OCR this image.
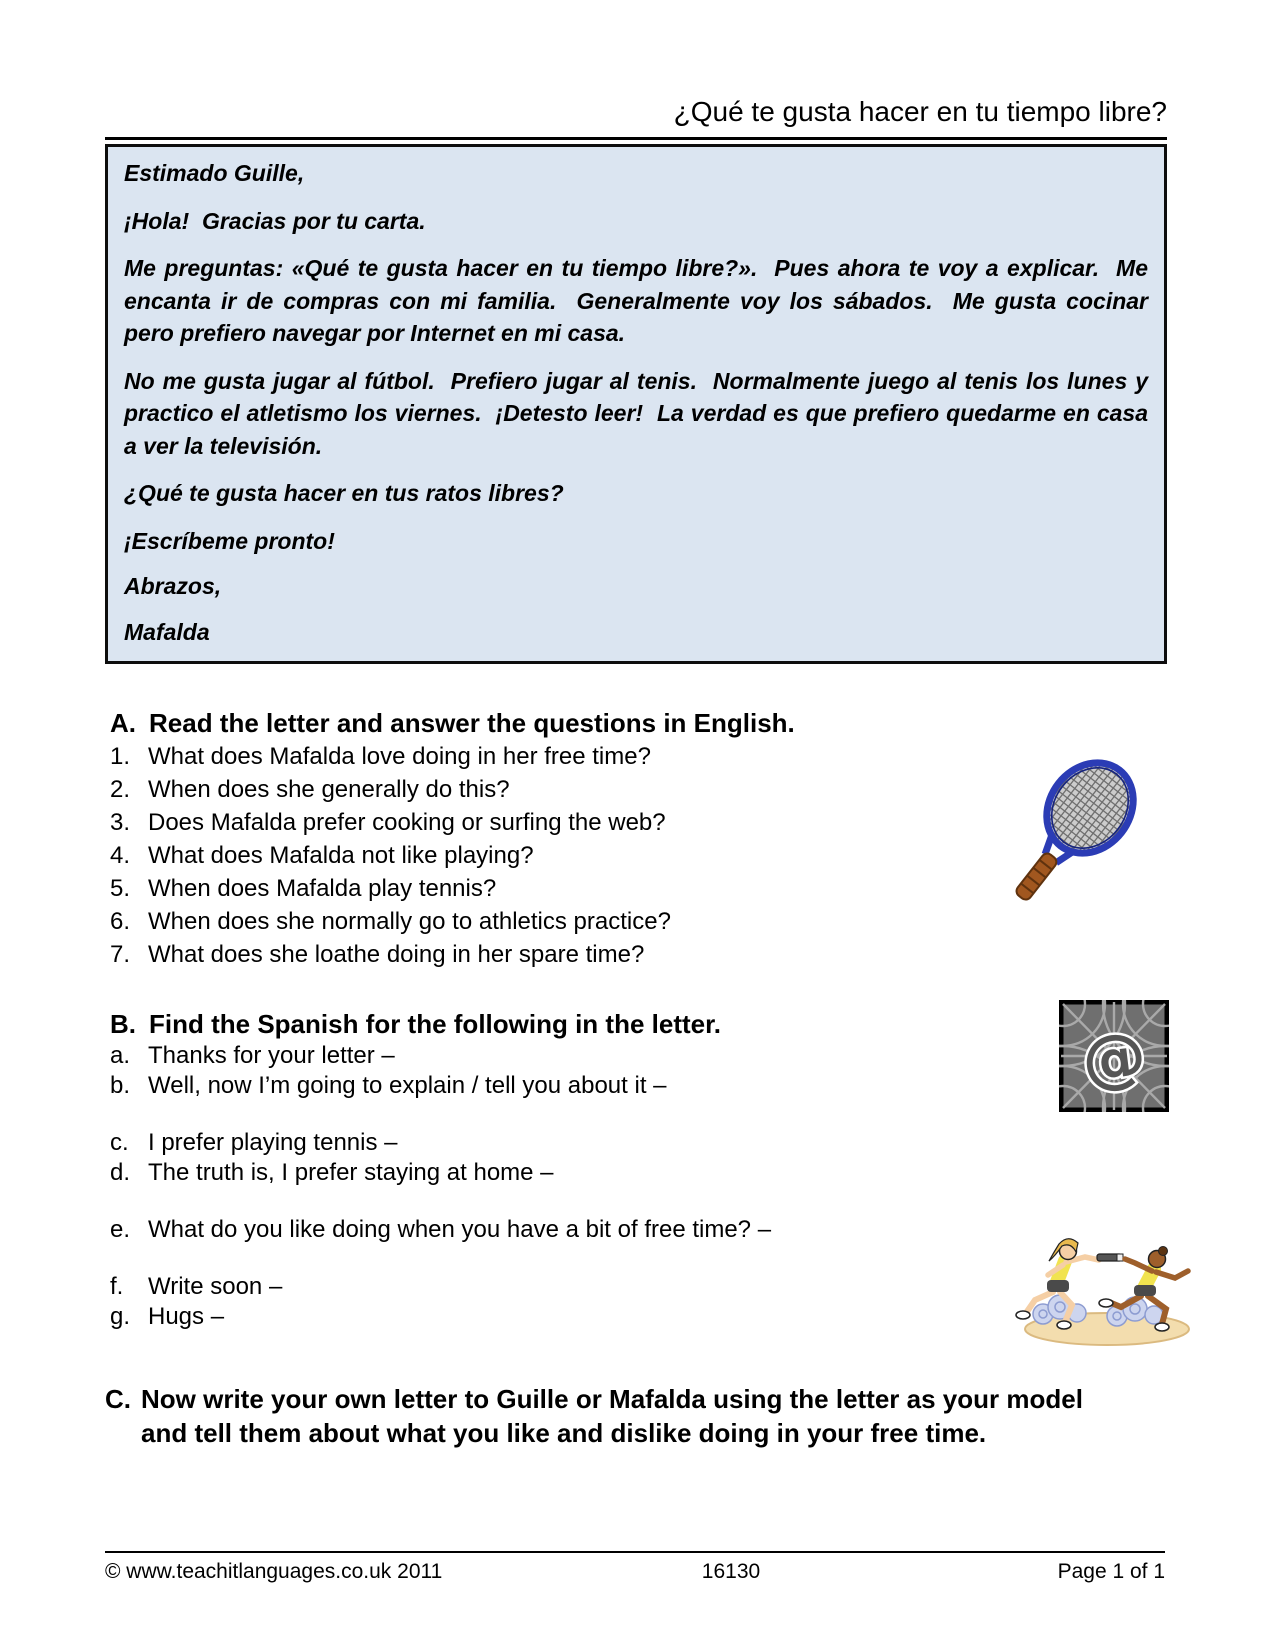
¿Qué te gusta hacer en tu tiempo libre?

Estimado Guille,

¡Hola!  Gracias por tu carta.

Me preguntas: «Qué te gusta hacer en tu tiempo libre?».  Pues ahora te voy a explicar.  Me encanta ir de compras con mi familia.  Generalmente voy los sábados.  Me gusta cocinar pero prefiero navegar por Internet en mi casa.

No me gusta jugar al fútbol.  Prefiero jugar al tenis.  Normalmente juego al tenis los lunes y practico el atletismo los viernes.  ¡Detesto leer!  La verdad es que prefiero quedarme en casa a ver la televisión.

¿Qué te gusta hacer en tus ratos libres?

¡Escríbeme pronto!

Abrazos,

Mafalda

A. Read the letter and answer the questions in English.
1. What does Mafalda love doing in her free time?
2. When does she generally do this?
3. Does Mafalda prefer cooking or surfing the web?
4. What does Mafalda not like playing?
5. When does Mafalda play tennis?
6. When does she normally go to athletics practice?
7. What does she loathe doing in her spare time?
B. Find the Spanish for the following in the letter.
a. Thanks for your letter –
b. Well, now I’m going to explain / tell you about it –
c. I prefer playing tennis –
d. The truth is, I prefer staying at home –
e. What do you like doing when you have a bit of free time? –
f.	Write soon –
g. Hugs –
C. Now write your own letter to Guille or Mafalda using the letter as your model and tell them about what you like and dislike doing in your free time.
@
© www.teachitlanguages.co.uk 2011	16130	Page 1 of 1
